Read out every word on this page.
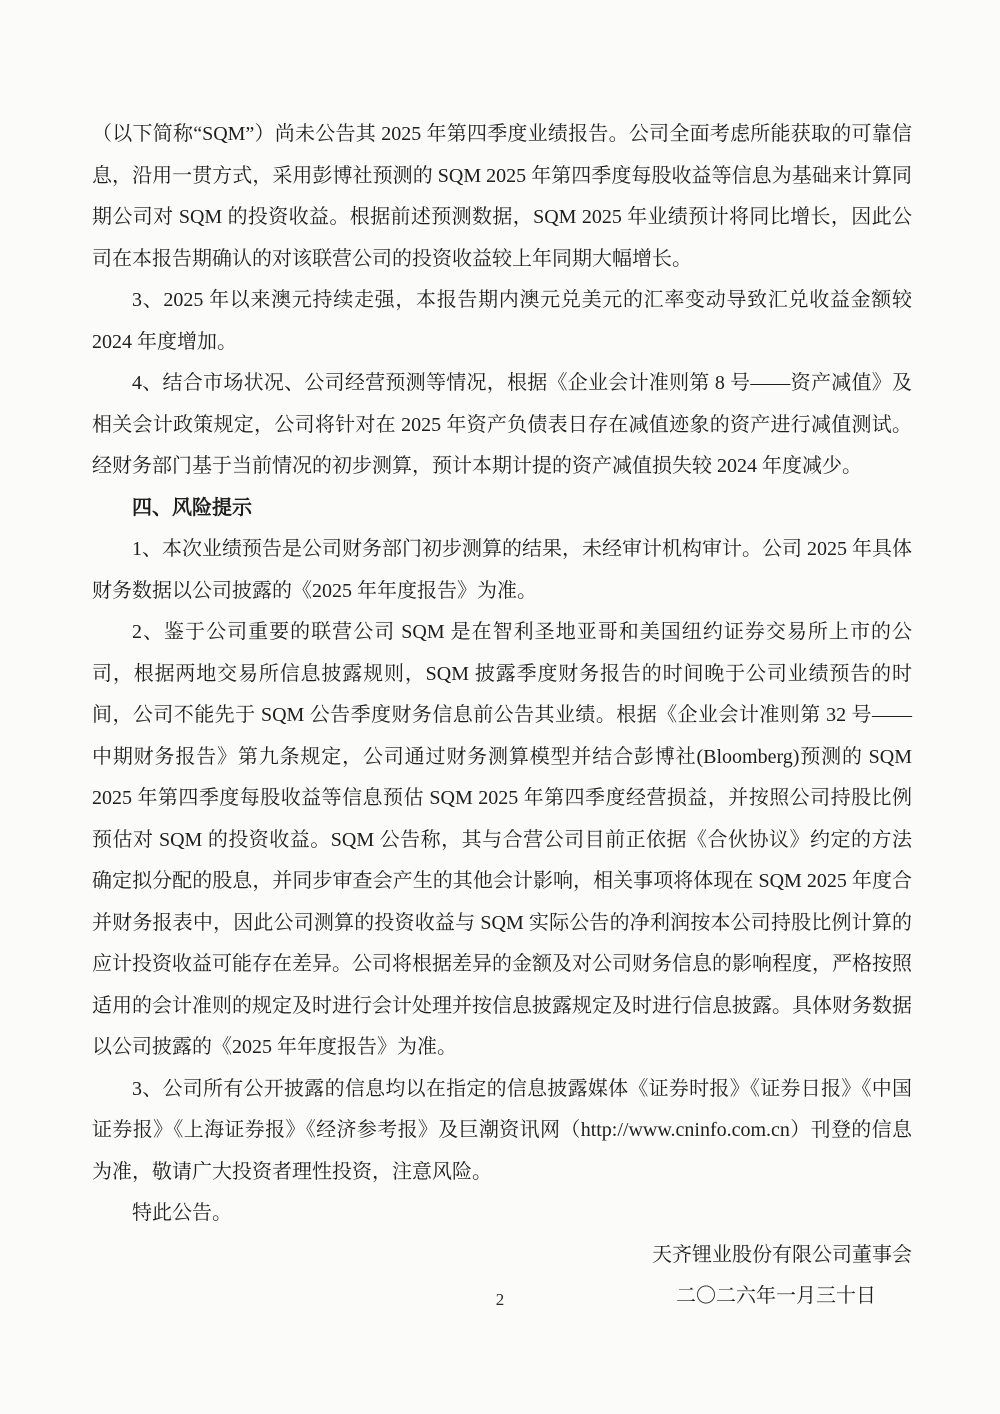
（以下简称“SQM”）尚未公告其 2025 年第四季度业绩报告。公司全面考虑所能获取的可靠信息，沿用一贯方式，采用彭博社预测的 SQM 2025 年第四季度每股收益等信息为基础来计算同期公司对 SQM 的投资收益。根据前述预测数据，SQM 2025 年业绩预计将同比增长，因此公司在本报告期确认的对该联营公司的投资收益较上年同期大幅增长。

3、2025 年以来澳元持续走强，本报告期内澳元兑美元的汇率变动导致汇兑收益金额较 2024 年度增加。

4、结合市场状况、公司经营预测等情况，根据《企业会计准则第 8 号——资产减值》及相关会计政策规定，公司将针对在 2025 年资产负债表日存在减值迹象的资产进行减值测试。经财务部门基于当前情况的初步测算，预计本期计提的资产减值损失较 2024 年度减少。

四、风险提示

1、本次业绩预告是公司财务部门初步测算的结果，未经审计机构审计。公司 2025 年具体财务数据以公司披露的《2025 年年度报告》为准。

2、鉴于公司重要的联营公司 SQM 是在智利圣地亚哥和美国纽约证券交易所上市的公司，根据两地交易所信息披露规则，SQM 披露季度财务报告的时间晚于公司业绩预告的时间，公司不能先于 SQM 公告季度财务信息前公告其业绩。根据《企业会计准则第 32 号——中期财务报告》第九条规定，公司通过财务测算模型并结合彭博社(Bloomberg)预测的 SQM 2025 年第四季度每股收益等信息预估 SQM 2025 年第四季度经营损益，并按照公司持股比例预估对 SQM 的投资收益。SQM 公告称，其与合营公司目前正依据《合伙协议》约定的方法确定拟分配的股息，并同步审查会产生的其他会计影响，相关事项将体现在 SQM 2025 年度合并财务报表中，因此公司测算的投资收益与 SQM 实际公告的净利润按本公司持股比例计算的应计投资收益可能存在差异。公司将根据差异的金额及对公司财务信息的影响程度，严格按照适用的会计准则的规定及时进行会计处理并按信息披露规定及时进行信息披露。具体财务数据以公司披露的《2025 年年度报告》为准。

3、公司所有公开披露的信息均以在指定的信息披露媒体《证券时报》《证券日报》《中国证券报》《上海证券报》《经济参考报》及巨潮资讯网（http://www.cninfo.com.cn）刊登的信息为准，敬请广大投资者理性投资，注意风险。

特此公告。

天齐锂业股份有限公司董事会
二〇二六年一月三十日
2
